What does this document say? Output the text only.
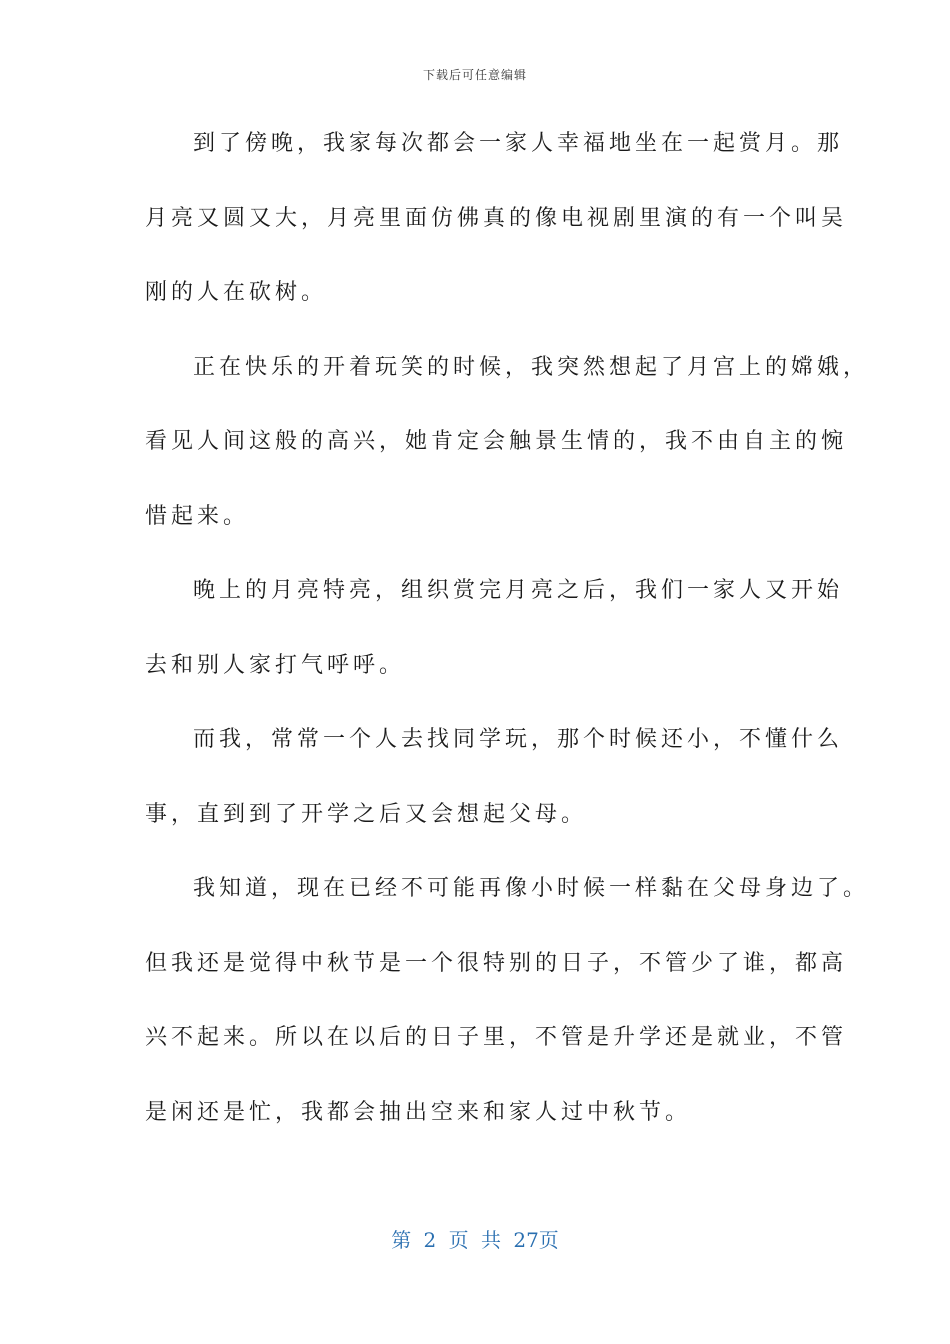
下载后可任意编辑
到了傍晚，我家每次都会一家人幸福地坐在一起赏月。那
月亮又圆又大，月亮里面仿佛真的像电视剧里演的有一个叫吴
刚的人在砍树。
正在快乐的开着玩笑的时候，我突然想起了月宫上的嫦娥，
看见人间这般的高兴，她肯定会触景生情的，我不由自主的惋
惜起来。
晚上的月亮特亮，组织赏完月亮之后，我们一家人又开始
去和别人家打气呼呼。
而我，常常一个人去找同学玩，那个时候还小，不懂什么
事，直到到了开学之后又会想起父母。
我知道，现在已经不可能再像小时候一样黏在父母身边了。
但我还是觉得中秋节是一个很特别的日子，不管少了谁，都高
兴不起来。所以在以后的日子里，不管是升学还是就业，不管
是闲还是忙，我都会抽出空来和家人过中秋节。
第 2 页 共 27页
